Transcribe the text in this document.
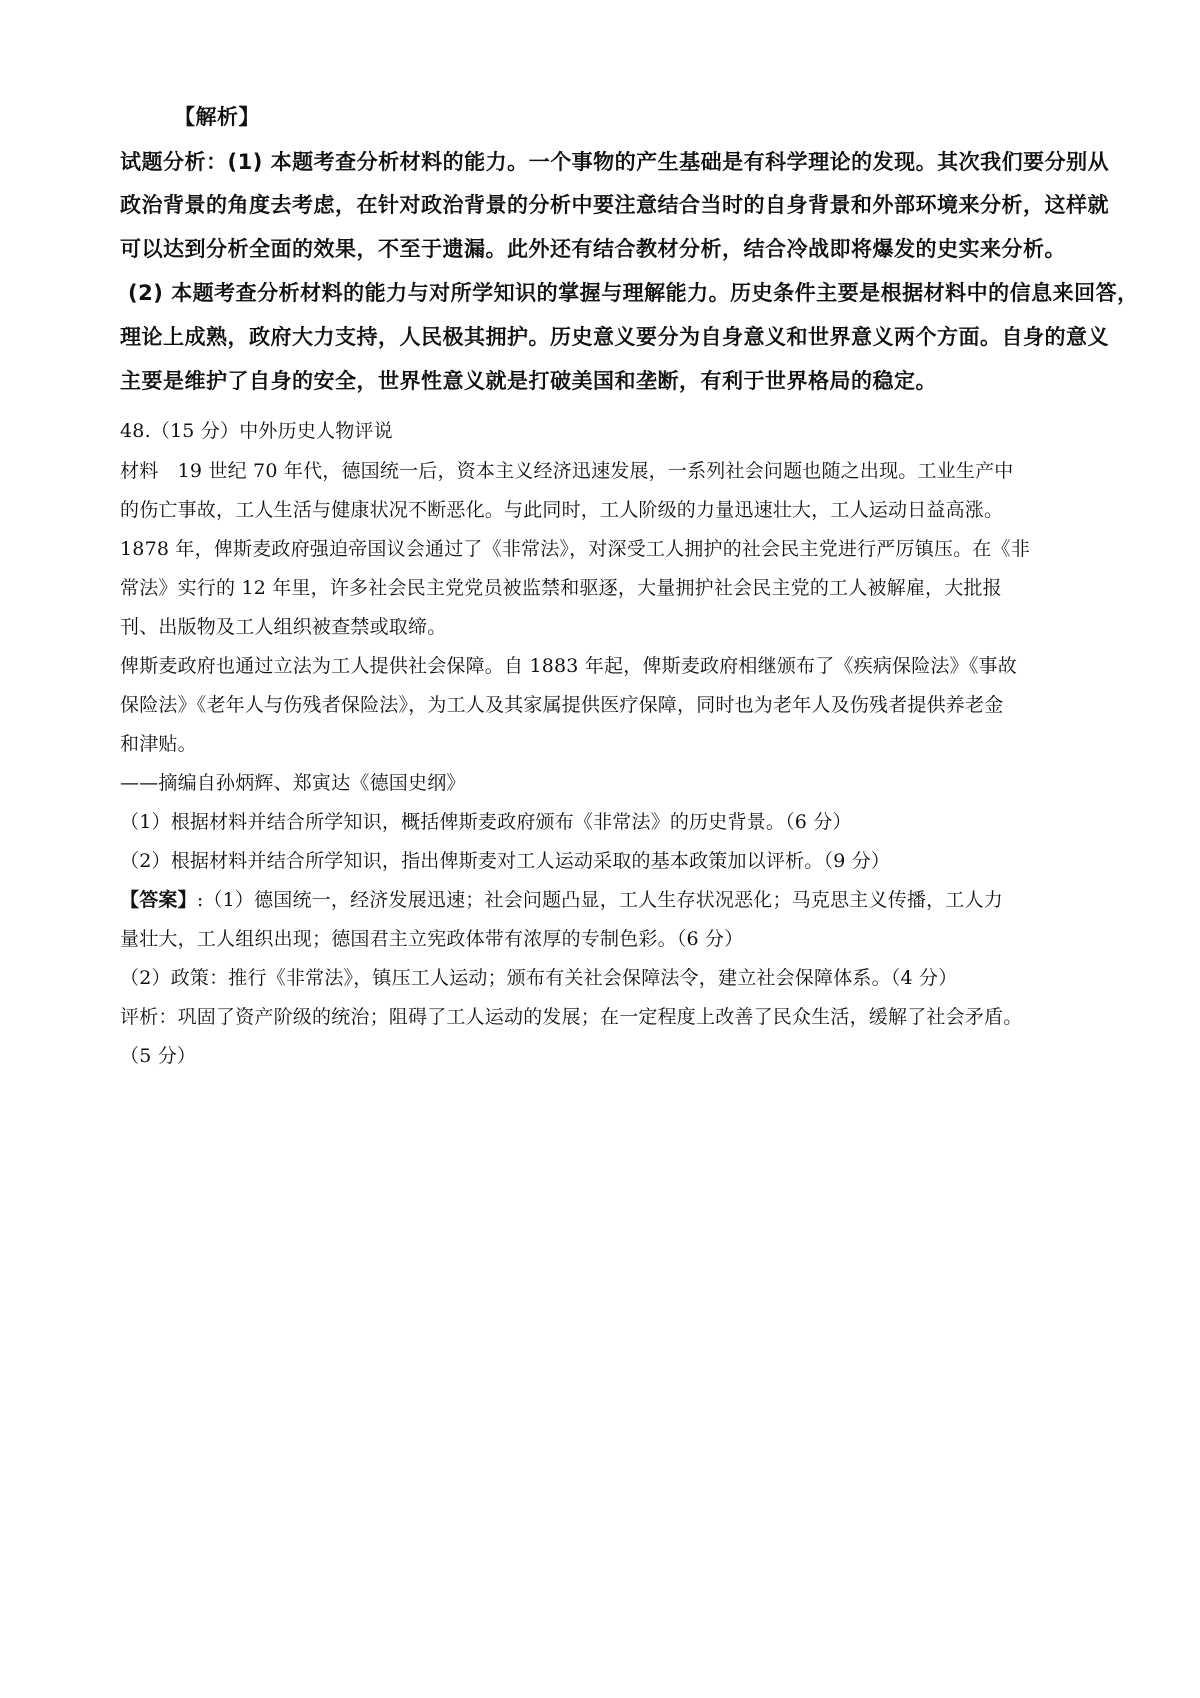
【解析】
试题分析：(1) 本题考查分析材料的能力。一个事物的产生基础是有科学理论的发现。其次我们要分别从
政治背景的角度去考虑，在针对政治背景的分析中要注意结合当时的自身背景和外部环境来分析，这样就
可以达到分析全面的效果，不至于遗漏。此外还有结合教材分析，结合冷战即将爆发的史实来分析。
(2) 本题考查分析材料的能力与对所学知识的掌握与理解能力。历史条件主要是根据材料中的信息来回答，
理论上成熟，政府大力支持，人民极其拥护。历史意义要分为自身意义和世界意义两个方面。自身的意义
主要是维护了自身的安全，世界性意义就是打破美国和垄断，有利于世界格局的稳定。
48.（15 分）中外历史人物评说
材料　19 世纪 70 年代，德国统一后，资本主义经济迅速发展，一系列社会问题也随之出现。工业生产中
的伤亡事故，工人生活与健康状况不断恶化。与此同时，工人阶级的力量迅速壮大，工人运动日益高涨。
1878 年，俾斯麦政府强迫帝国议会通过了《非常法》，对深受工人拥护的社会民主党进行严厉镇压。在《非
常法》实行的 12 年里，许多社会民主党党员被监禁和驱逐，大量拥护社会民主党的工人被解雇，大批报
刊、出版物及工人组织被查禁或取缔。
俾斯麦政府也通过立法为工人提供社会保障。自 1883 年起，俾斯麦政府相继颁布了《疾病保险法》《事故
保险法》《老年人与伤残者保险法》，为工人及其家属提供医疗保障，同时也为老年人及伤残者提供养老金
和津贴。
——摘编自孙炳辉、郑寅达《德国史纲》
（1）根据材料并结合所学知识，概括俾斯麦政府颁布《非常法》的历史背景。（6 分）
（2）根据材料并结合所学知识，指出俾斯麦对工人运动采取的基本政策加以评析。（9 分）
【答案】:（1）德国统一，经济发展迅速；社会问题凸显，工人生存状况恶化；马克思主义传播，工人力
量壮大，工人组织出现；德国君主立宪政体带有浓厚的专制色彩。（6 分）
（2）政策：推行《非常法》，镇压工人运动；颁布有关社会保障法令，建立社会保障体系。（4 分）
评析：巩固了资产阶级的统治；阻碍了工人运动的发展；在一定程度上改善了民众生活，缓解了社会矛盾。
（5 分）
